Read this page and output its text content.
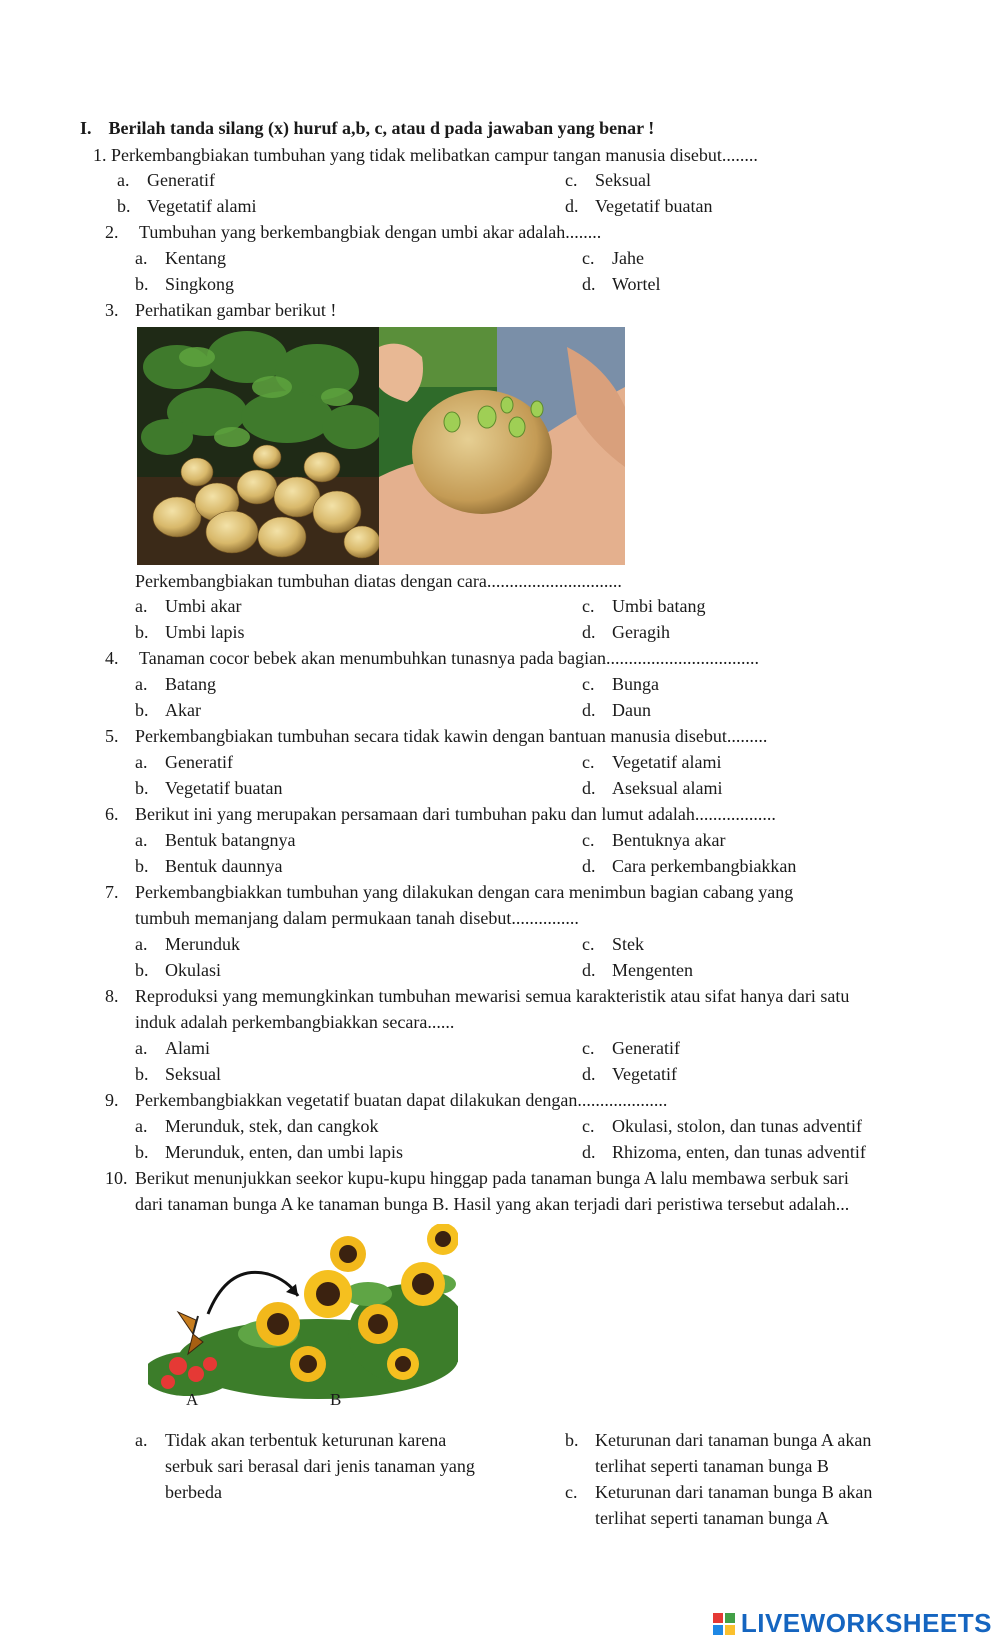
I. Berilah tanda silang (x) huruf a,b, c, atau d pada jawaban yang benar !
1. Perkembangbiakan tumbuhan yang tidak melibatkan campur tangan manusia disebut........
a. Generatif	c. Seksual
b. Vegetatif alami	d. Vegetatif buatan
2. Tumbuhan yang berkembangbiak dengan umbi akar adalah........
a. Kentang	c. Jahe
b. Singkong	d. Wortel
3. Perhatikan gambar berikut !
Perkembangbiakan tumbuhan diatas dengan cara..............................
a. Umbi akar	c. Umbi batang
b. Umbi lapis	d. Geragih
4. Tanaman cocor bebek akan menumbuhkan tunasnya pada bagian..................................
a. Batang	c. Bunga
b. Akar	d. Daun
5. Perkembangbiakan tumbuhan secara tidak kawin dengan bantuan manusia disebut.........
a. Generatif	c. Vegetatif alami
b. Vegetatif buatan	d. Aseksual alami
6. Berikut ini yang merupakan persamaan dari tumbuhan paku dan lumut adalah..................
a. Bentuk batangnya	c. Bentuknya akar
b. Bentuk daunnya	d. Cara perkembangbiakkan
7. Perkembangbiakkan tumbuhan yang dilakukan dengan cara menimbun bagian cabang yang
tumbuh memanjang dalam permukaan tanah disebut...............
a. Merunduk	c. Stek
b. Okulasi	d. Mengenten
8. Reproduksi yang memungkinkan tumbuhan mewarisi semua karakteristik atau sifat hanya dari satu
induk adalah perkembangbiakkan secara......
a. Alami	c. Generatif
b. Seksual	d. Vegetatif
9. Perkembangbiakkan vegetatif buatan dapat dilakukan dengan....................
a. Merunduk, stek, dan cangkok	c. Okulasi, stolon, dan tunas adventif
b. Merunduk, enten, dan umbi lapis	d. Rhizoma, enten, dan tunas adventif
10. Berikut menunjukkan seekor kupu-kupu hinggap pada tanaman bunga A lalu membawa serbuk sari
dari tanaman bunga A ke tanaman bunga B. Hasil yang akan terjadi dari peristiwa tersebut adalah...
A	B
a. Tidak akan terbentuk keturunan karena serbuk sari berasal dari jenis tanaman yang berbeda
b. Keturunan dari tanaman bunga A akan terlihat seperti tanaman bunga B
c. Keturunan dari tanaman bunga B akan terlihat seperti tanaman bunga A
LIVEWORKSHEETS
